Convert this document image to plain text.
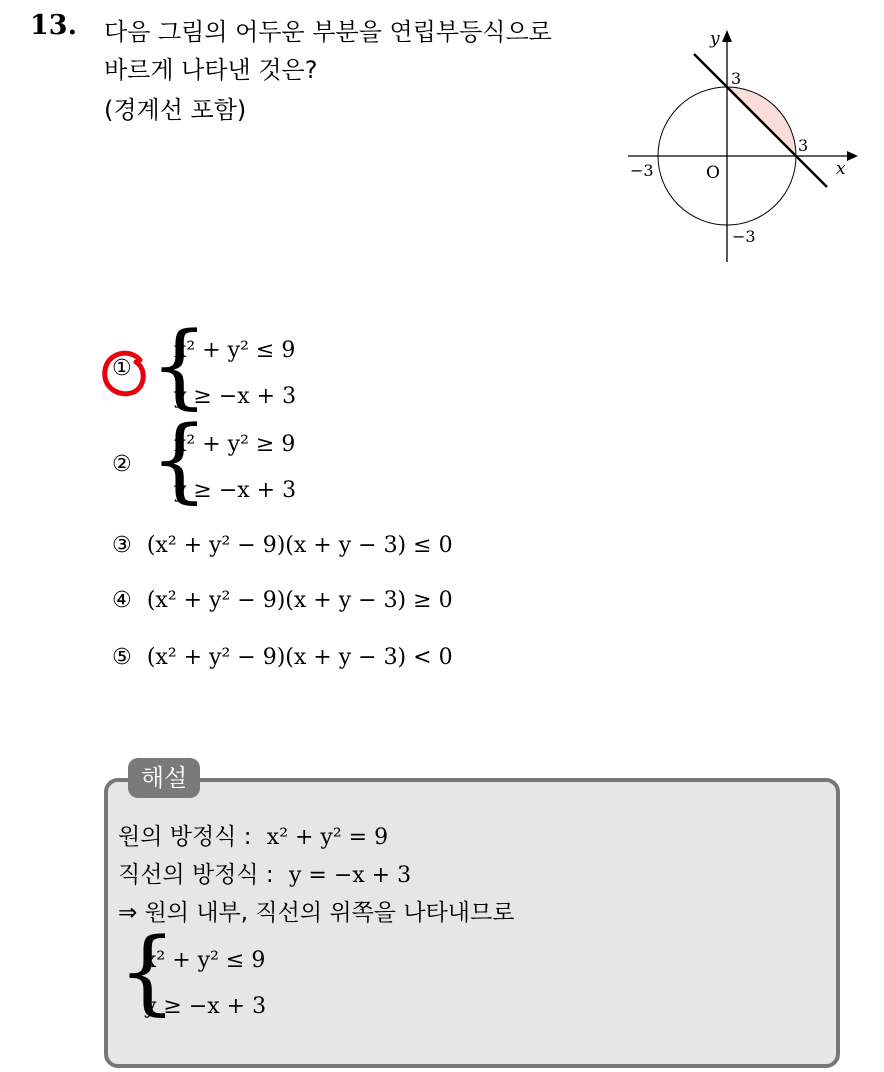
13. 다음 그림의 어두운 부분을 연립부등식으로
바르게 나타낸 것은?
(경계선 포함)
y
x
O
3
3
−3
−3
① {
x² + y² ≤ 9
y ≥ −x + 3
② {
x² + y² ≥ 9
y ≥ −x + 3
③ (x² + y² − 9)(x + y − 3) ≤ 0
④ (x² + y² − 9)(x + y − 3) ≥ 0
⑤ (x² + y² − 9)(x + y − 3) < 0
해설
원의 방정식 : x² + y² = 9
직선의 방정식 : y = −x + 3
⇒ 원의 내부, 직선의 위쪽을 나타내므로
{
x² + y² ≤ 9
y ≥ −x + 3
